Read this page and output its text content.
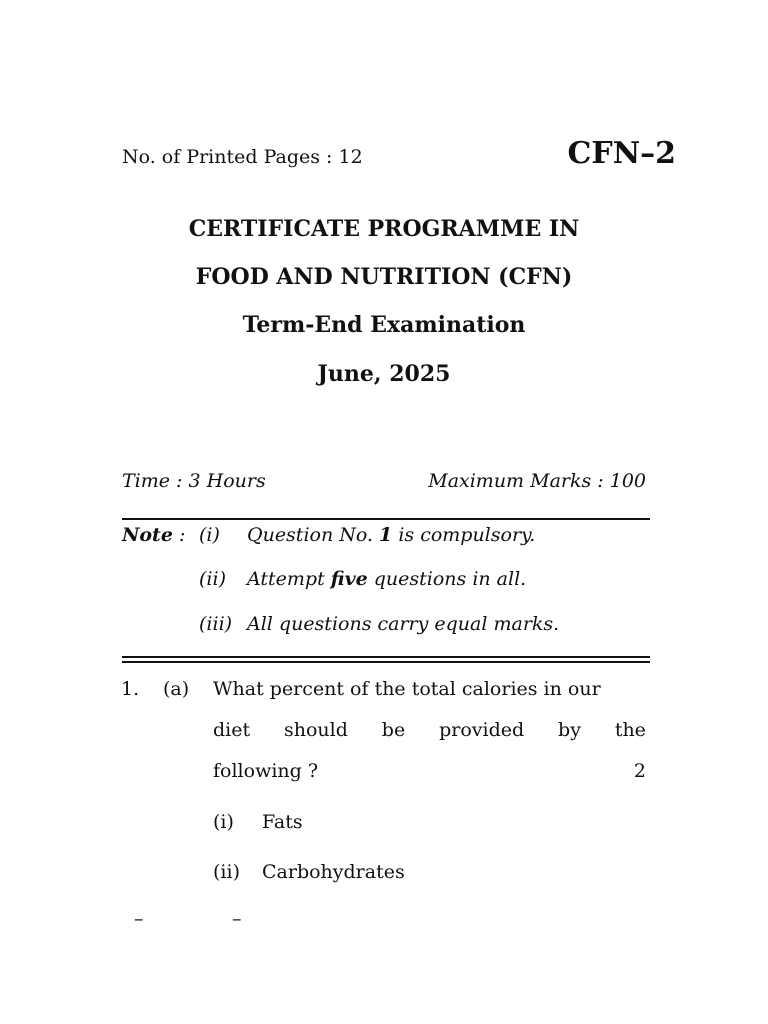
No. of Printed Pages : 12	CFN–2
CERTIFICATE PROGRAMME IN
FOOD AND NUTRITION (CFN)
Term-End Examination
June, 2025
Time : 3 Hours	Maximum Marks : 100
Note : (i) Question No. 1 is compulsory.
(ii) Attempt five questions in all.
(iii) All questions carry equal marks.
1. (a) What percent of the total calories in our
diet should be provided by the
following ?	2
(i) Fats
(ii) Carbohydrates
–	–
